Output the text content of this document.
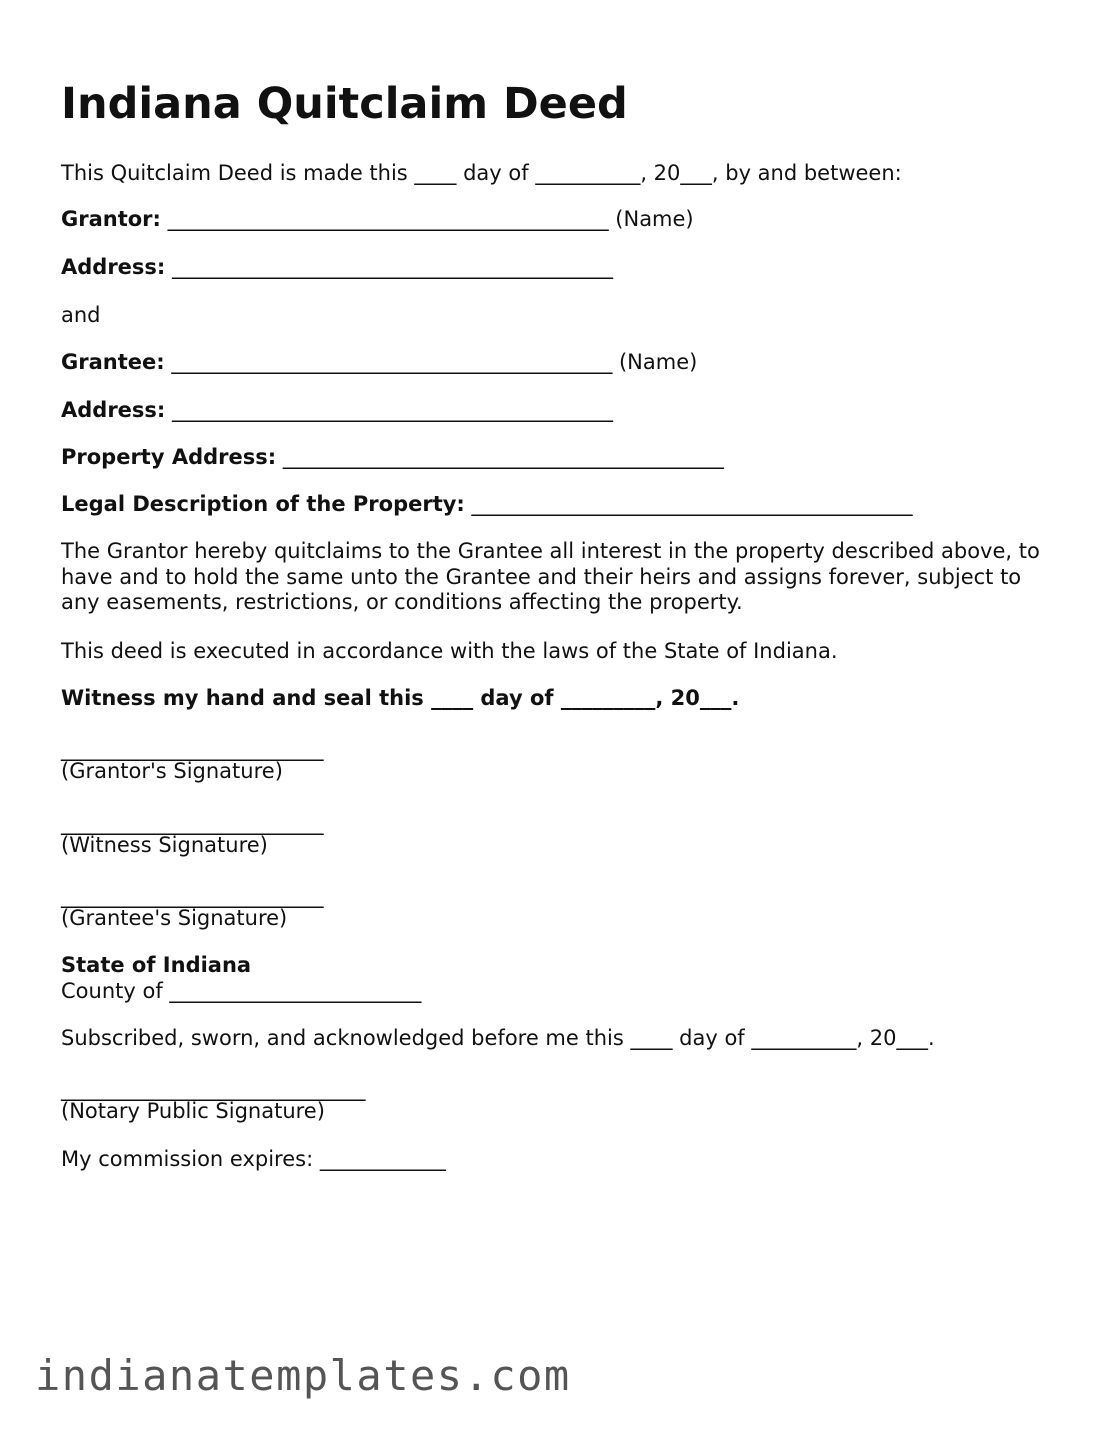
Indiana Quitclaim Deed

This Quitclaim Deed is made this ____ day of __________, 20___, by and between:

Grantor: __________________________________________ (Name)

Address: __________________________________________

and

Grantee: __________________________________________ (Name)

Address: __________________________________________

Property Address: __________________________________________

Legal Description of the Property: __________________________________________

The Grantor hereby quitclaims to the Grantee all interest in the property described above, to have and to hold the same unto the Grantee and their heirs and assigns forever, subject to any easements, restrictions, or conditions affecting the property.

This deed is executed in accordance with the laws of the State of Indiana.

Witness my hand and seal this ____ day of _________, 20___.

_________________________

(Grantor's Signature)

_________________________

(Witness Signature)

_________________________

(Grantee's Signature)

State of Indiana

County of ________________________

Subscribed, sworn, and acknowledged before me this ____ day of __________, 20___.

_____________________________

(Notary Public Signature)

My commission expires: ____________

indianatemplates.com
